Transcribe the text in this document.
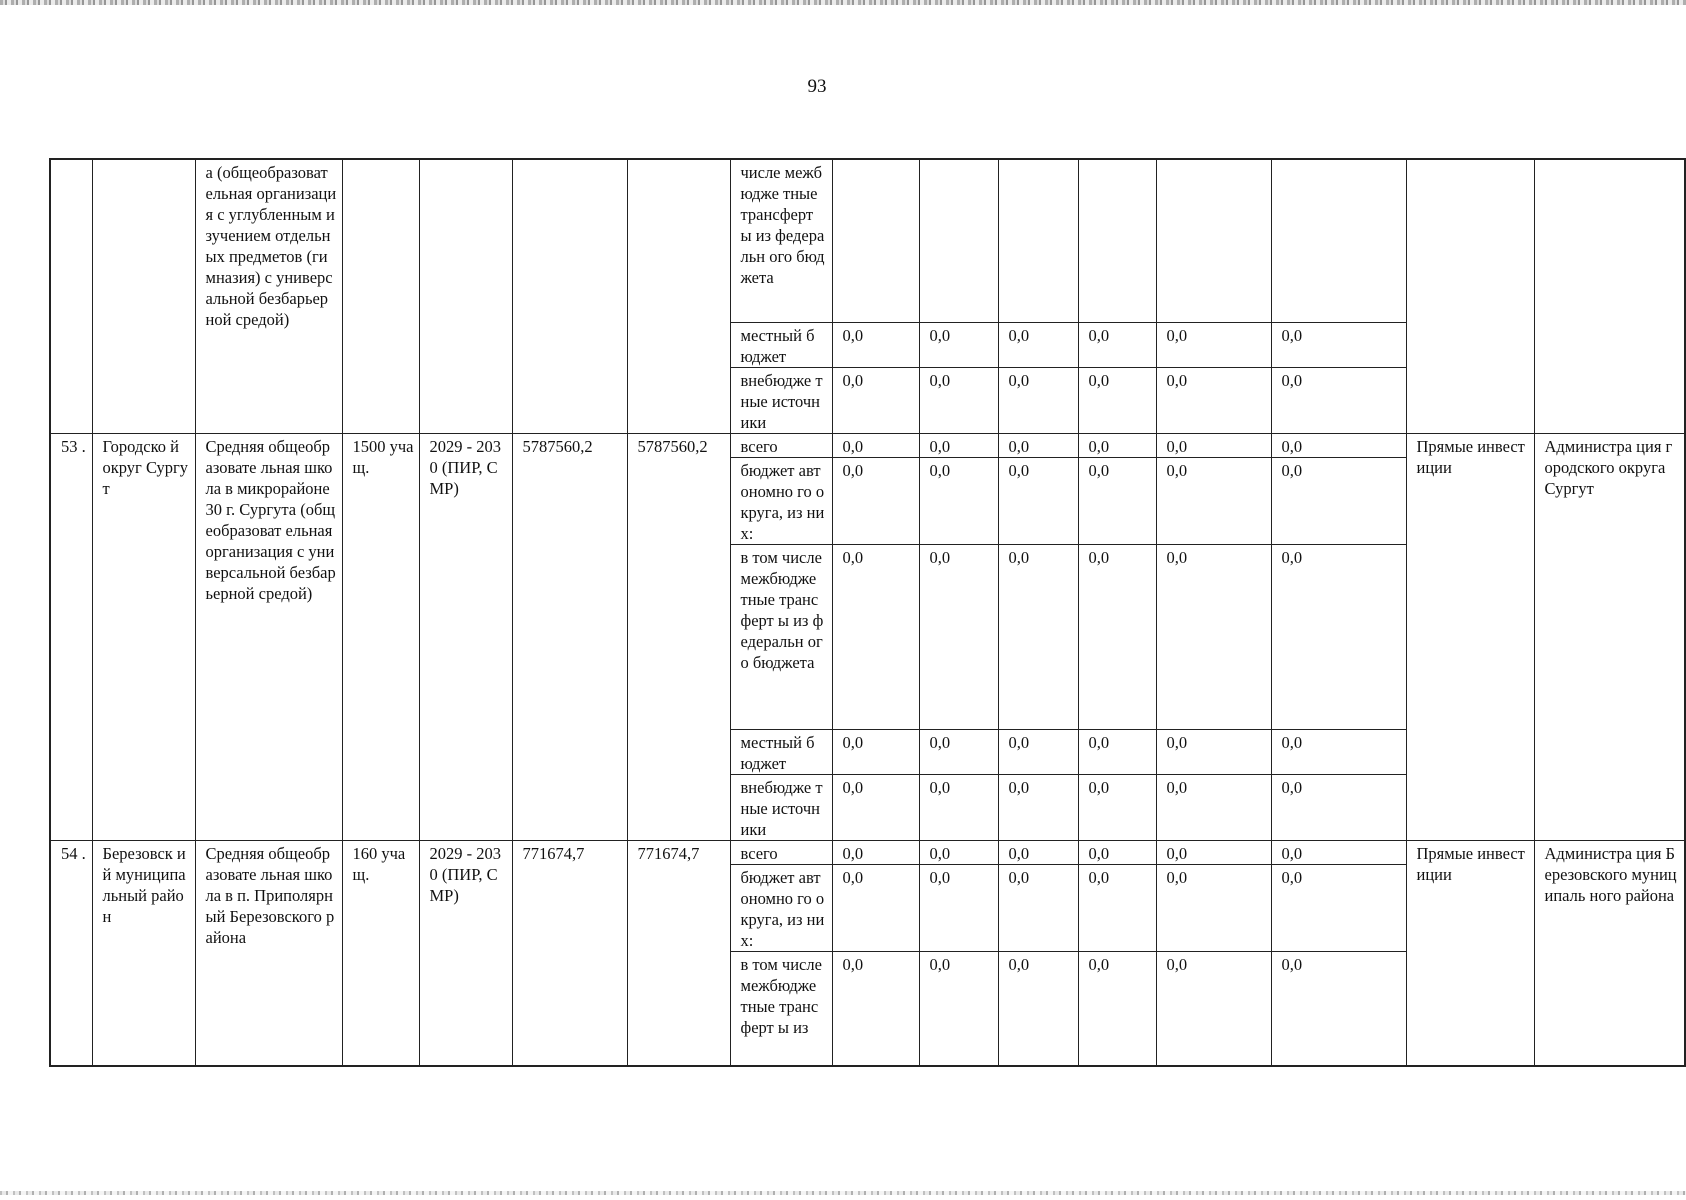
93
		а (общеобразоват ельная организация с углубленным изучением отдельных предметов (гимназия) с универсальной безбарьерной средой)					числе межбюдже тные трансферт ы из федеральн ого бюджета								
							местный бюджет	0,0	0,0	0,0	0,0	0,0	0,0		
							внебюдже тные источники	0,0	0,0	0,0	0,0	0,0	0,0		
53 .	Городско й округ Сургут	Средняя общеобразовате льная школа в микрорайоне 30 г. Сургута (общеобразоват ельная организация с универсальной безбарьерной средой)	1500 учащ.	2029 - 2030 (ПИР, СМР)	5787560,2	5787560,2	всего	0,0	0,0	0,0	0,0	0,0	0,0	Прямые инвестиции	Администра ция городского округа Сургут
							бюджет автономно го округа, из них:	0,0	0,0	0,0	0,0	0,0	0,0		
							в том числе межбюдже тные трансферт ы из федеральн ого бюджета	0,0	0,0	0,0	0,0	0,0	0,0		
							местный бюджет	0,0	0,0	0,0	0,0	0,0	0,0		
							внебюдже тные источники	0,0	0,0	0,0	0,0	0,0	0,0		
54 .	Березовск ий муниципа льный район	Средняя общеобразовате льная школа в п. Приполярный Березовского района	160 учащ.	2029 - 2030 (ПИР, СМР)	771674,7	771674,7	всего	0,0	0,0	0,0	0,0	0,0	0,0	Прямые инвестиции	Администра ция Березовского муниципаль ного района
							бюджет автономно го округа, из них:	0,0	0,0	0,0	0,0	0,0	0,0		
							в том числе межбюдже тные трансферт ы из	0,0	0,0	0,0	0,0	0,0	0,0		
